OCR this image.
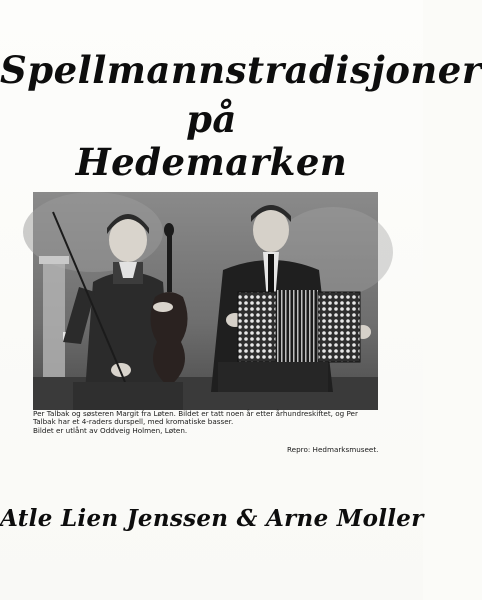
Spellmannstradisjoner
på
Hedemarken

Per Talbak og søsteren Margit fra Løten. Bildet er tatt noen år etter århundreskiftet, og Per

Talbak har et 4-raders durspell, med kromatiske basser.

Bildet er utlånt av Oddveig Holmen, Løten.

Repro: Hedmarksmuseet.
Atle Lien Jenssen & Arne Moller
